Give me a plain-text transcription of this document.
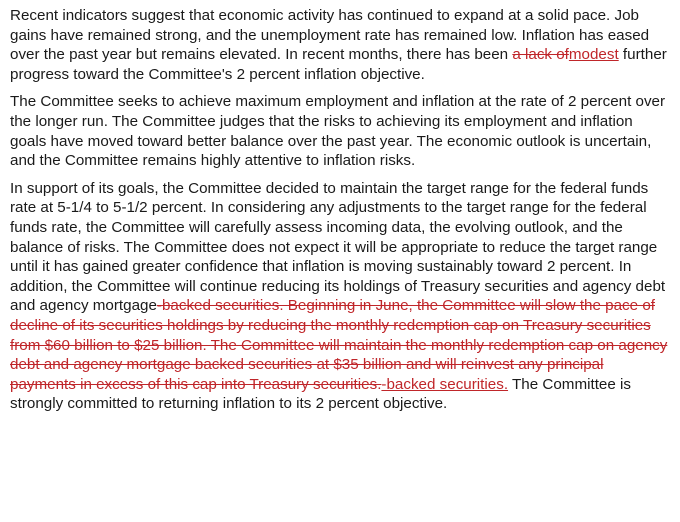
Recent indicators suggest that economic activity has continued to expand at a solid pace. Job gains have remained strong, and the unemployment rate has remained low. Inflation has eased over the past year but remains elevated. In recent months, there has been a lack ofmodest further progress toward the Committee's 2 percent inflation objective.

The Committee seeks to achieve maximum employment and inflation at the rate of 2 percent over the longer run. The Committee judges that the risks to achieving its employment and inflation goals have moved toward better balance over the past year. The economic outlook is uncertain, and the Committee remains highly attentive to inflation risks.

In support of its goals, the Committee decided to maintain the target range for the federal funds rate at 5-1/4 to 5-1/2 percent. In considering any adjustments to the target range for the federal funds rate, the Committee will carefully assess incoming data, the evolving outlook, and the balance of risks. The Committee does not expect it will be appropriate to reduce the target range until it has gained greater confidence that inflation is moving sustainably toward 2 percent. In addition, the Committee will continue reducing its holdings of Treasury securities and agency debt and agency mortgage-backed securities. Beginning in June, the Committee will slow the pace of decline of its securities holdings by reducing the monthly redemption cap on Treasury securities from $60 billion to $25 billion. The Committee will maintain the monthly redemption cap on agency debt and agency mortgage backed securities at $35 billion and will reinvest any principal payments in excess of this cap into Treasury securities.-backed securities. The Committee is strongly committed to returning inflation to its 2 percent objective.
